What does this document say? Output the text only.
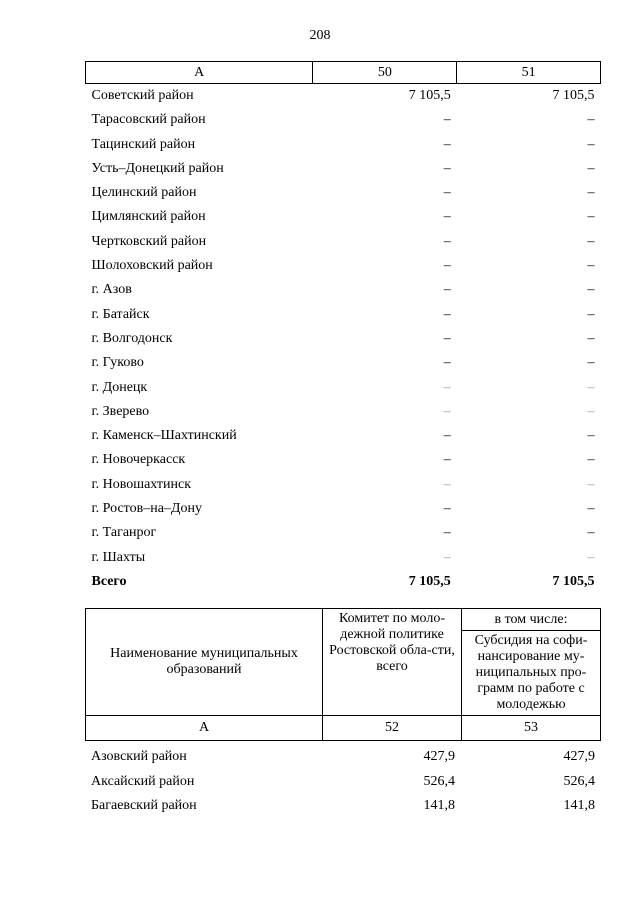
208
А	50	51
Советский район	7 105,5	7 105,5
Тарасовский район	–	–
Тацинский район	–	–
Усть–Донецкий район	–	–
Целинский район	–	–
Цимлянский район	–	–
Чертковский район	–	–
Шолоховский район	–	–
г. Азов	–	–
г. Батайск	–	–
г. Волгодонск	–	–
г. Гуково	–	–
г. Донецк	–	–
г. Зверево	–	–
г. Каменск–Шахтинский	–	–
г. Новочеркасск	–	–
г. Новошахтинск	–	–
г. Ростов–на–Дону	–	–
г. Таганрог	–	–
г. Шахты	–	–
Всего	7 105,5	7 105,5
Наименование муниципальных образований	Комитет по моло-дежной политике Ростовской обла-сти, всего	в том числе:

		Субсидия на софи-нансирование му-ниципальных про-грамм по работе с молодежью

А	52	53
Азовский район	427,9	427,9
Аксайский район	526,4	526,4
Багаевский район	141,8	141,8
